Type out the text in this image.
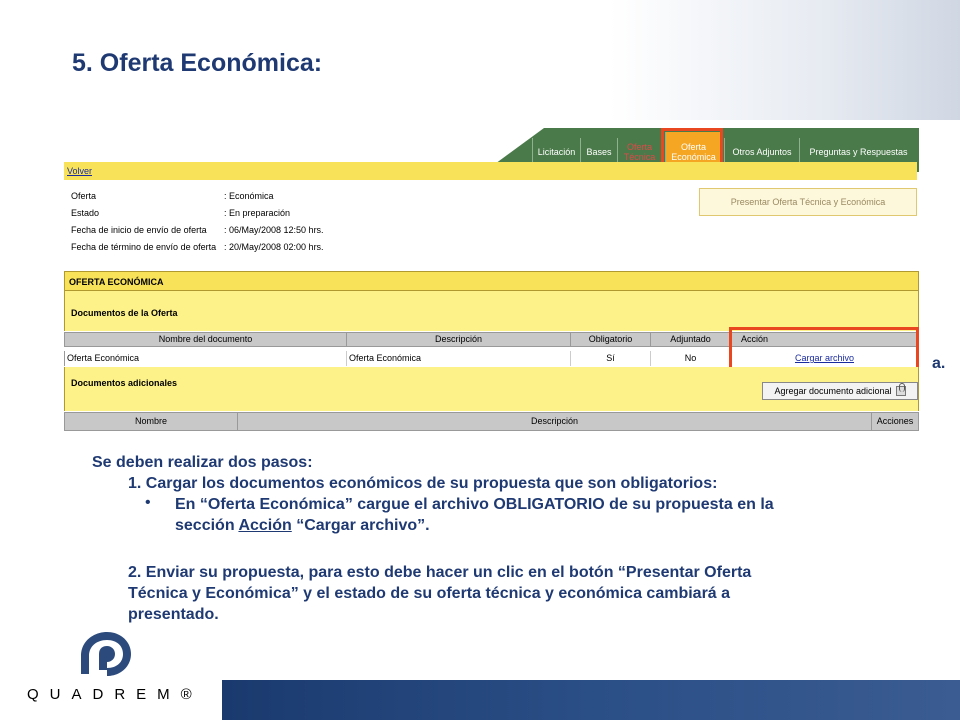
5. Oferta Económica:
Licitación	Bases	Oferta
Técnica
Oferta
Económica	Otros Adjuntos	Preguntas y Respuestas
Volver
Oferta	: Económica
Estado	: En preparación
Fecha de inicio de envío de oferta : 06/May/2008 12:50 hrs.
Fecha de término de envío de oferta : 20/May/2008 02:00 hrs.
Presentar Oferta Técnica y Económica
OFERTA ECONÓMICA
Documentos de la Oferta
Nombre del documento	Descripción	Obligatorio	Adjuntado	Acción
Oferta Económica	Oferta Económica	Sí	No	Cargar archivo
Documentos adicionales
Agregar documento adicional
Nombre	Descripción	Acciones
a.
Se deben realizar dos pasos:
1. Cargar los documentos económicos de su propuesta que son obligatorios:
• En “Oferta Económica” cargue el archivo OBLIGATORIO de su propuesta en la
sección Acción “Cargar archivo”.
2. Enviar su propuesta, para esto debe hacer un clic en el botón “Presentar Oferta
Técnica y Económica” y el estado de su oferta técnica y económica cambiará a
presentado.
QUADREM®
